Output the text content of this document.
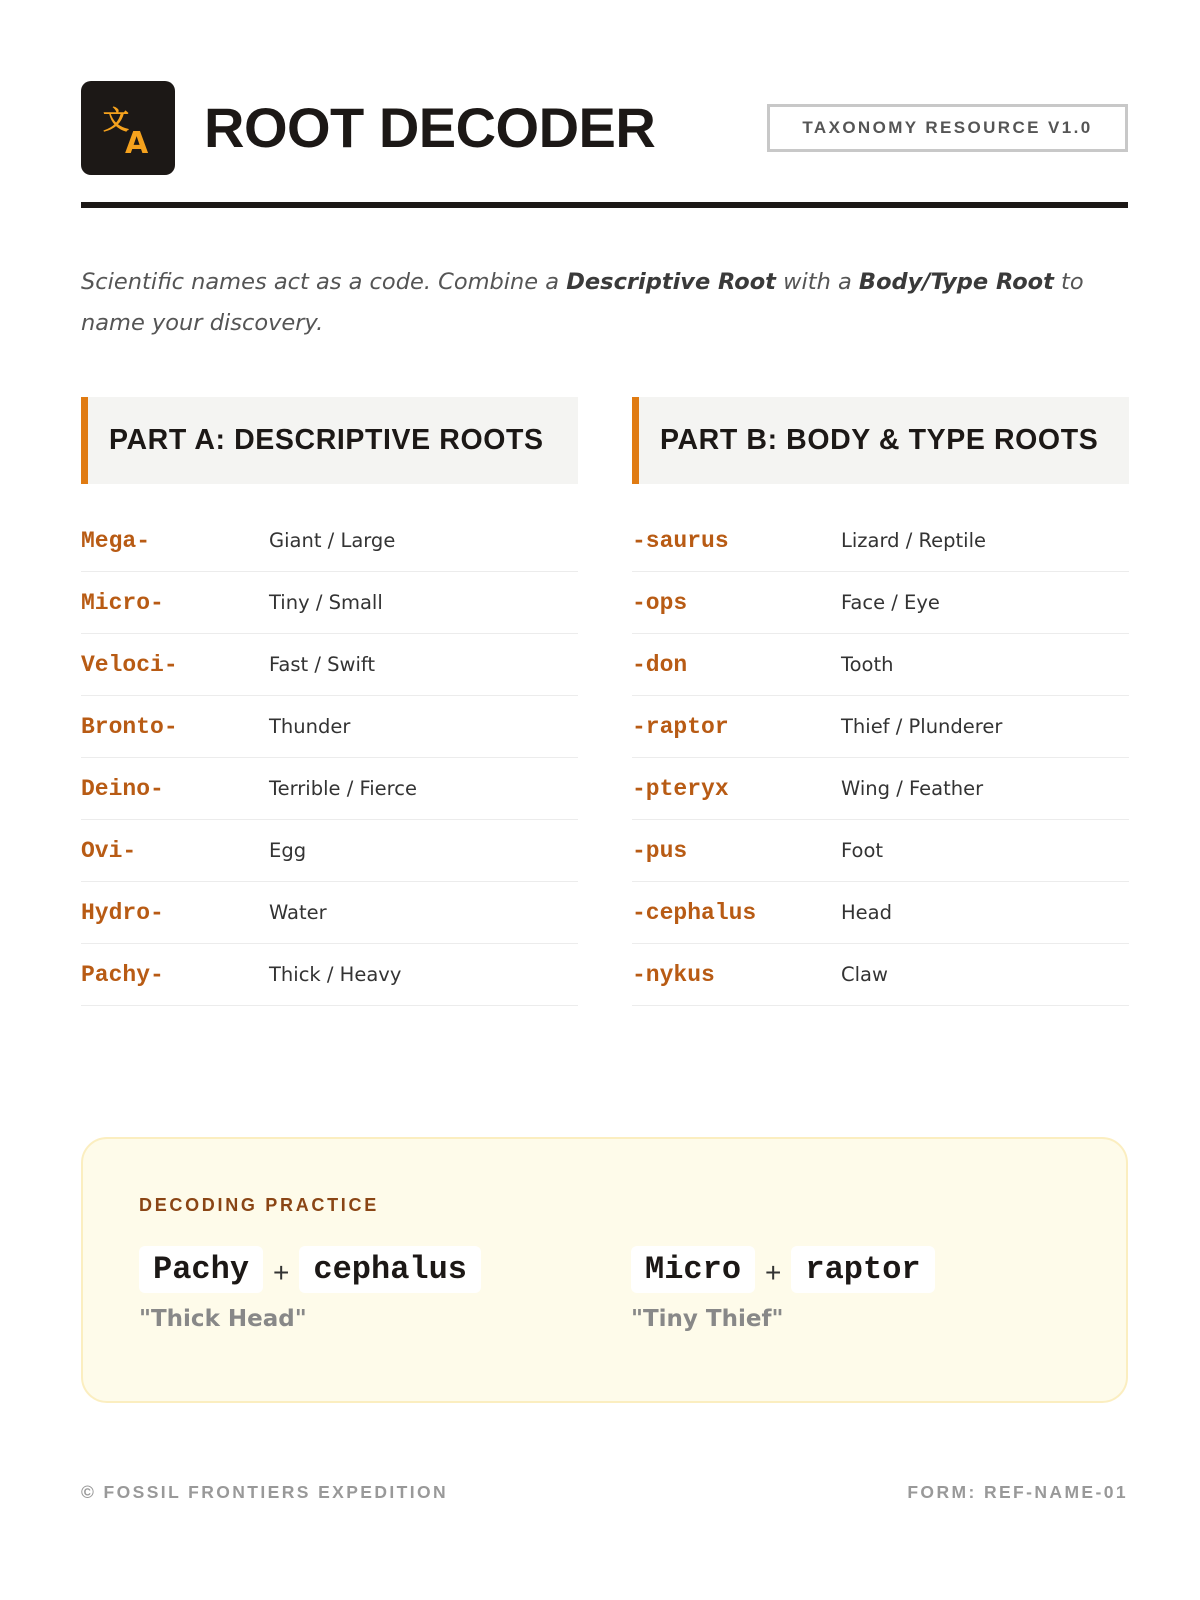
文
A ROOT DECODER	TAXONOMY RESOURCE V1.0

Scientific names act as a code. Combine a Descriptive Root with a Body/Type Root to name your discovery.

PART A: DESCRIPTIVE ROOTS
Mega-	Giant / Large
Micro-	Tiny / Small
Veloci-	Fast / Swift
Bronto-	Thunder
Deino-	Terrible / Fierce
Ovi-	Egg
Hydro-	Water
Pachy-	Thick / Heavy
PART B: BODY & TYPE ROOTS
-saurus	Lizard / Reptile
-ops	Face / Eye
-don	Tooth
-raptor	Thief / Plunderer
-pteryx	Wing / Feather
-pus	Foot
-cephalus	Head
-nykus	Claw
DECODING PRACTICE
Pachy + cephalus
"Thick Head"
Micro + raptor
"Tiny Thief"
© FOSSIL FRONTIERS EXPEDITION	FORM: REF-NAME-01
